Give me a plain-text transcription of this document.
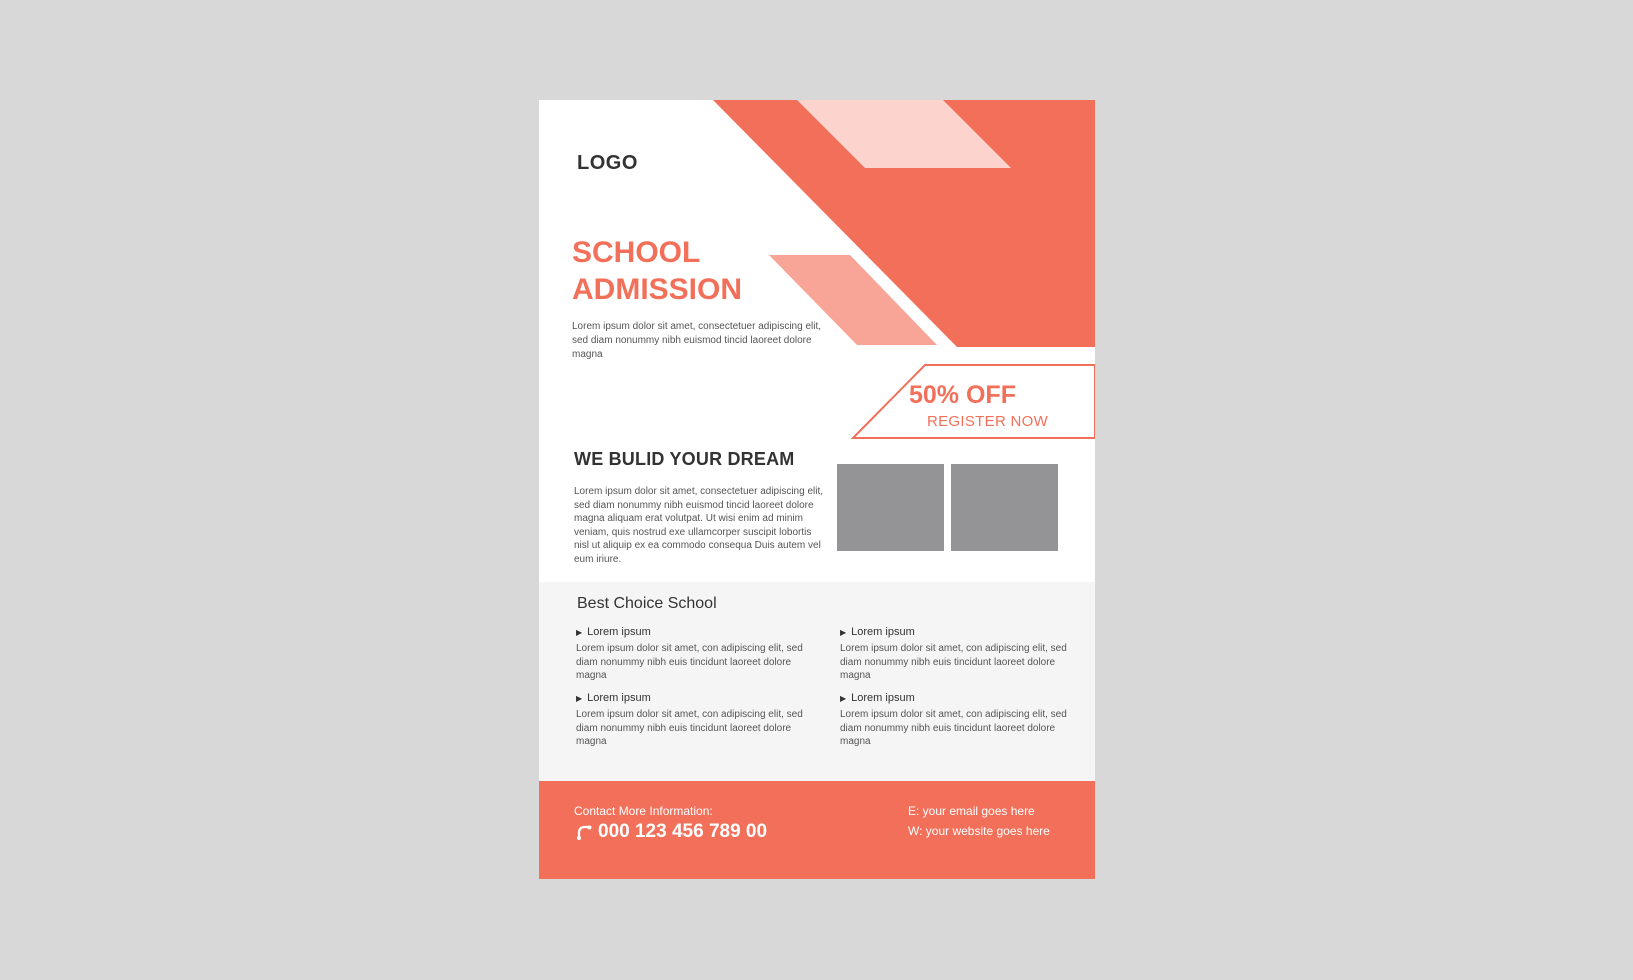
LOGO
SCHOOL
ADMISSION

Lorem ipsum dolor sit amet, consectetuer adipiscing elit, sed diam nonummy nibh euismod tincid laoreet dolore magna

50% OFF
REGISTER NOW
WE BULID YOUR DREAM

Lorem ipsum dolor sit amet, consectetuer adipiscing elit, sed diam nonummy nibh euismod tincid laoreet dolore magna aliquam erat volutpat. Ut wisi enim ad minim veniam, quis nostrud exe ullamcorper suscipit lobortis nisl ut aliquip ex ea commodo consequa Duis autem vel eum iriure.

Best Choice School
▶ Lorem ipsum
Lorem ipsum dolor sit amet, con adipiscing elit, sed diam nonummy nibh euis tincidunt laoreet dolore magna
▶ Lorem ipsum
Lorem ipsum dolor sit amet, con adipiscing elit, sed diam nonummy nibh euis tincidunt laoreet dolore magna
▶ Lorem ipsum
Lorem ipsum dolor sit amet, con adipiscing elit, sed diam nonummy nibh euis tincidunt laoreet dolore magna
▶ Lorem ipsum
Lorem ipsum dolor sit amet, con adipiscing elit, sed diam nonummy nibh euis tincidunt laoreet dolore magna
Contact More Information:
000 123 456 789 00
E: your email goes here
W: your website goes here
